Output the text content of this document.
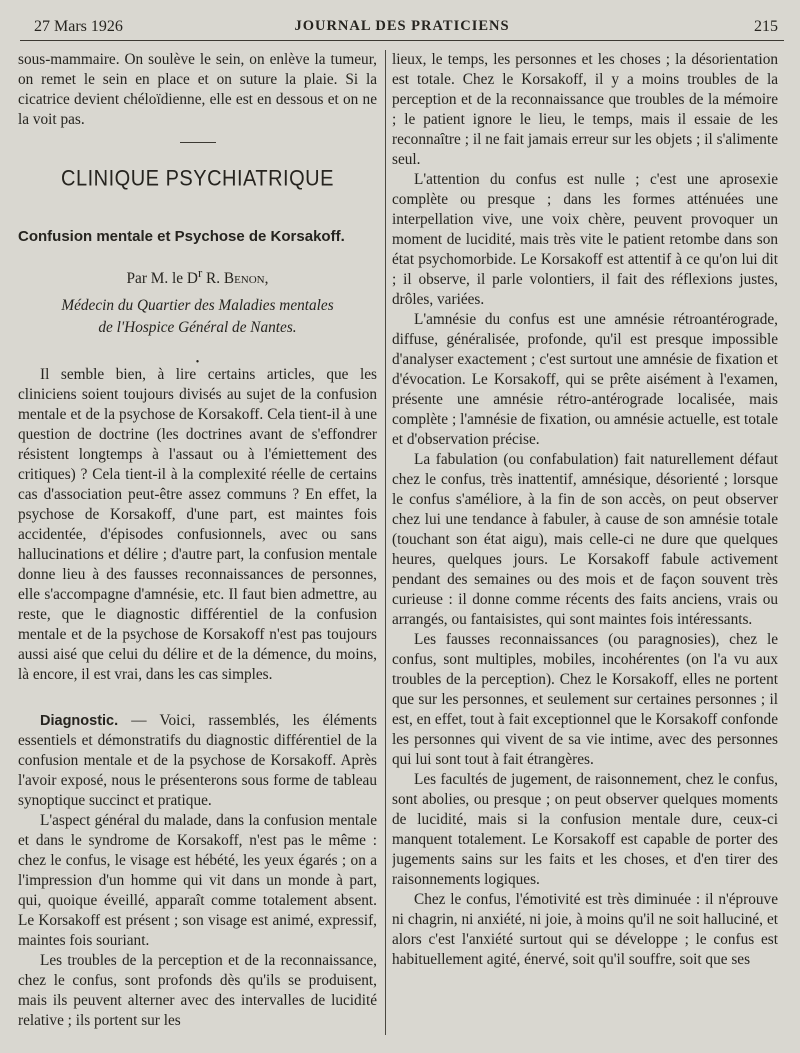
27 Mars 1926	JOURNAL DES PRATICIENS	215

sous-mammaire. On soulève le sein, on enlève la tumeur, on remet le sein en place et on suture la plaie. Si la cicatrice devient chéloïdienne, elle est en dessous et on ne la voit pas.

CLINIQUE PSYCHIATRIQUE
Confusion mentale et Psychose de Korsakoff.
Par M. le $D^r$ R. Benon,
Médecin du Quartier des Maladies mentales
de l'Hospice Général de Nantes.
•

Il semble bien, à lire certains articles, que les cliniciens soient toujours divisés au sujet de la confusion mentale et de la psychose de Korsakoff. Cela tient-il à une question de doctrine (les doctrines avant de s'effondrer résistent longtemps à l'assaut ou à l'émiettement des critiques) ? Cela tient-il à la complexité réelle de certains cas d'association peut-être assez communs ? En effet, la psychose de Korsakoff, d'une part, est maintes fois accidentée, d'épisodes confusionnels, avec ou sans hallucinations et délire ; d'autre part, la confusion mentale donne lieu à des fausses reconnaissances de personnes, elle s'accompagne d'amnésie, etc. Il faut bien admettre, au reste, que le diagnostic différentiel de la confusion mentale et de la psychose de Korsakoff n'est pas toujours aussi aisé que celui du délire et de la démence, du moins, là encore, il est vrai, dans les cas simples.

Diagnostic. — Voici, rassemblés, les éléments essentiels et démonstratifs du diagnostic différentiel de la confusion mentale et de la psychose de Korsakoff. Après l'avoir exposé, nous le présenterons sous forme de tableau synoptique succinct et pratique.

L'aspect général du malade, dans la confusion mentale et dans le syndrome de Korsakoff, n'est pas le même : chez le confus, le visage est hébété, les yeux égarés ; on a l'impression d'un homme qui vit dans un monde à part, qui, quoique éveillé, apparaît comme totalement absent. Le Korsakoff est présent ; son visage est animé, expressif, maintes fois souriant.

Les troubles de la perception et de la reconnaissance, chez le confus, sont profonds dès qu'ils se produisent, mais ils peuvent alterner avec des intervalles de lucidité relative ; ils portent sur les

lieux, le temps, les personnes et les choses ; la désorientation est totale. Chez le Korsakoff, il y a moins troubles de la perception et de la reconnaissance que troubles de la mémoire ; le patient ignore le lieu, le temps, mais il essaie de les reconnaître ; il ne fait jamais erreur sur les objets ; il s'alimente seul.

L'attention du confus est nulle ; c'est une aprosexie complète ou presque ; dans les formes atténuées une interpellation vive, une voix chère, peuvent provoquer un moment de lucidité, mais très vite le patient retombe dans son état psychomorbide. Le Korsakoff est attentif à ce qu'on lui dit ; il observe, il parle volontiers, il fait des réflexions justes, drôles, variées.

L'amnésie du confus est une amnésie rétroantérograde, diffuse, généralisée, profonde, qu'il est presque impossible d'analyser exactement ; c'est surtout une amnésie de fixation et d'évocation. Le Korsakoff, qui se prête aisément à l'examen, présente une amnésie rétro-antérograde localisée, mais complète ; l'amnésie de fixation, ou amnésie actuelle, est totale et d'observation précise.

La fabulation (ou confabulation) fait naturellement défaut chez le confus, très inattentif, amnésique, désorienté ; lorsque le confus s'améliore, à la fin de son accès, on peut observer chez lui une tendance à fabuler, à cause de son amnésie totale (touchant son état aigu), mais celle-ci ne dure que quelques heures, quelques jours. Le Korsakoff fabule activement pendant des semaines ou des mois et de façon souvent très curieuse : il donne comme récents des faits anciens, vrais ou arrangés, ou fantaisistes, qui sont maintes fois intéressants.

Les fausses reconnaissances (ou paragnosies), chez le confus, sont multiples, mobiles, incohérentes (on l'a vu aux troubles de la perception). Chez le Korsakoff, elles ne portent que sur les personnes, et seulement sur certaines personnes ; il est, en effet, tout à fait exceptionnel que le Korsakoff confonde les personnes qui vivent de sa vie intime, avec des personnes qui lui sont tout à fait étrangères.

Les facultés de jugement, de raisonnement, chez le confus, sont abolies, ou presque ; on peut observer quelques moments de lucidité, mais si la confusion mentale dure, ceux-ci manquent totalement. Le Korsakoff est capable de porter des jugements sains sur les faits et les choses, et d'en tirer des raisonnements logiques.

Chez le confus, l'émotivité est très diminuée : il n'éprouve ni chagrin, ni anxiété, ni joie, à moins qu'il ne soit halluciné, et alors c'est l'anxiété surtout qui se développe ; le confus est habituellement agité, énervé, soit qu'il souffre, soit que ses
